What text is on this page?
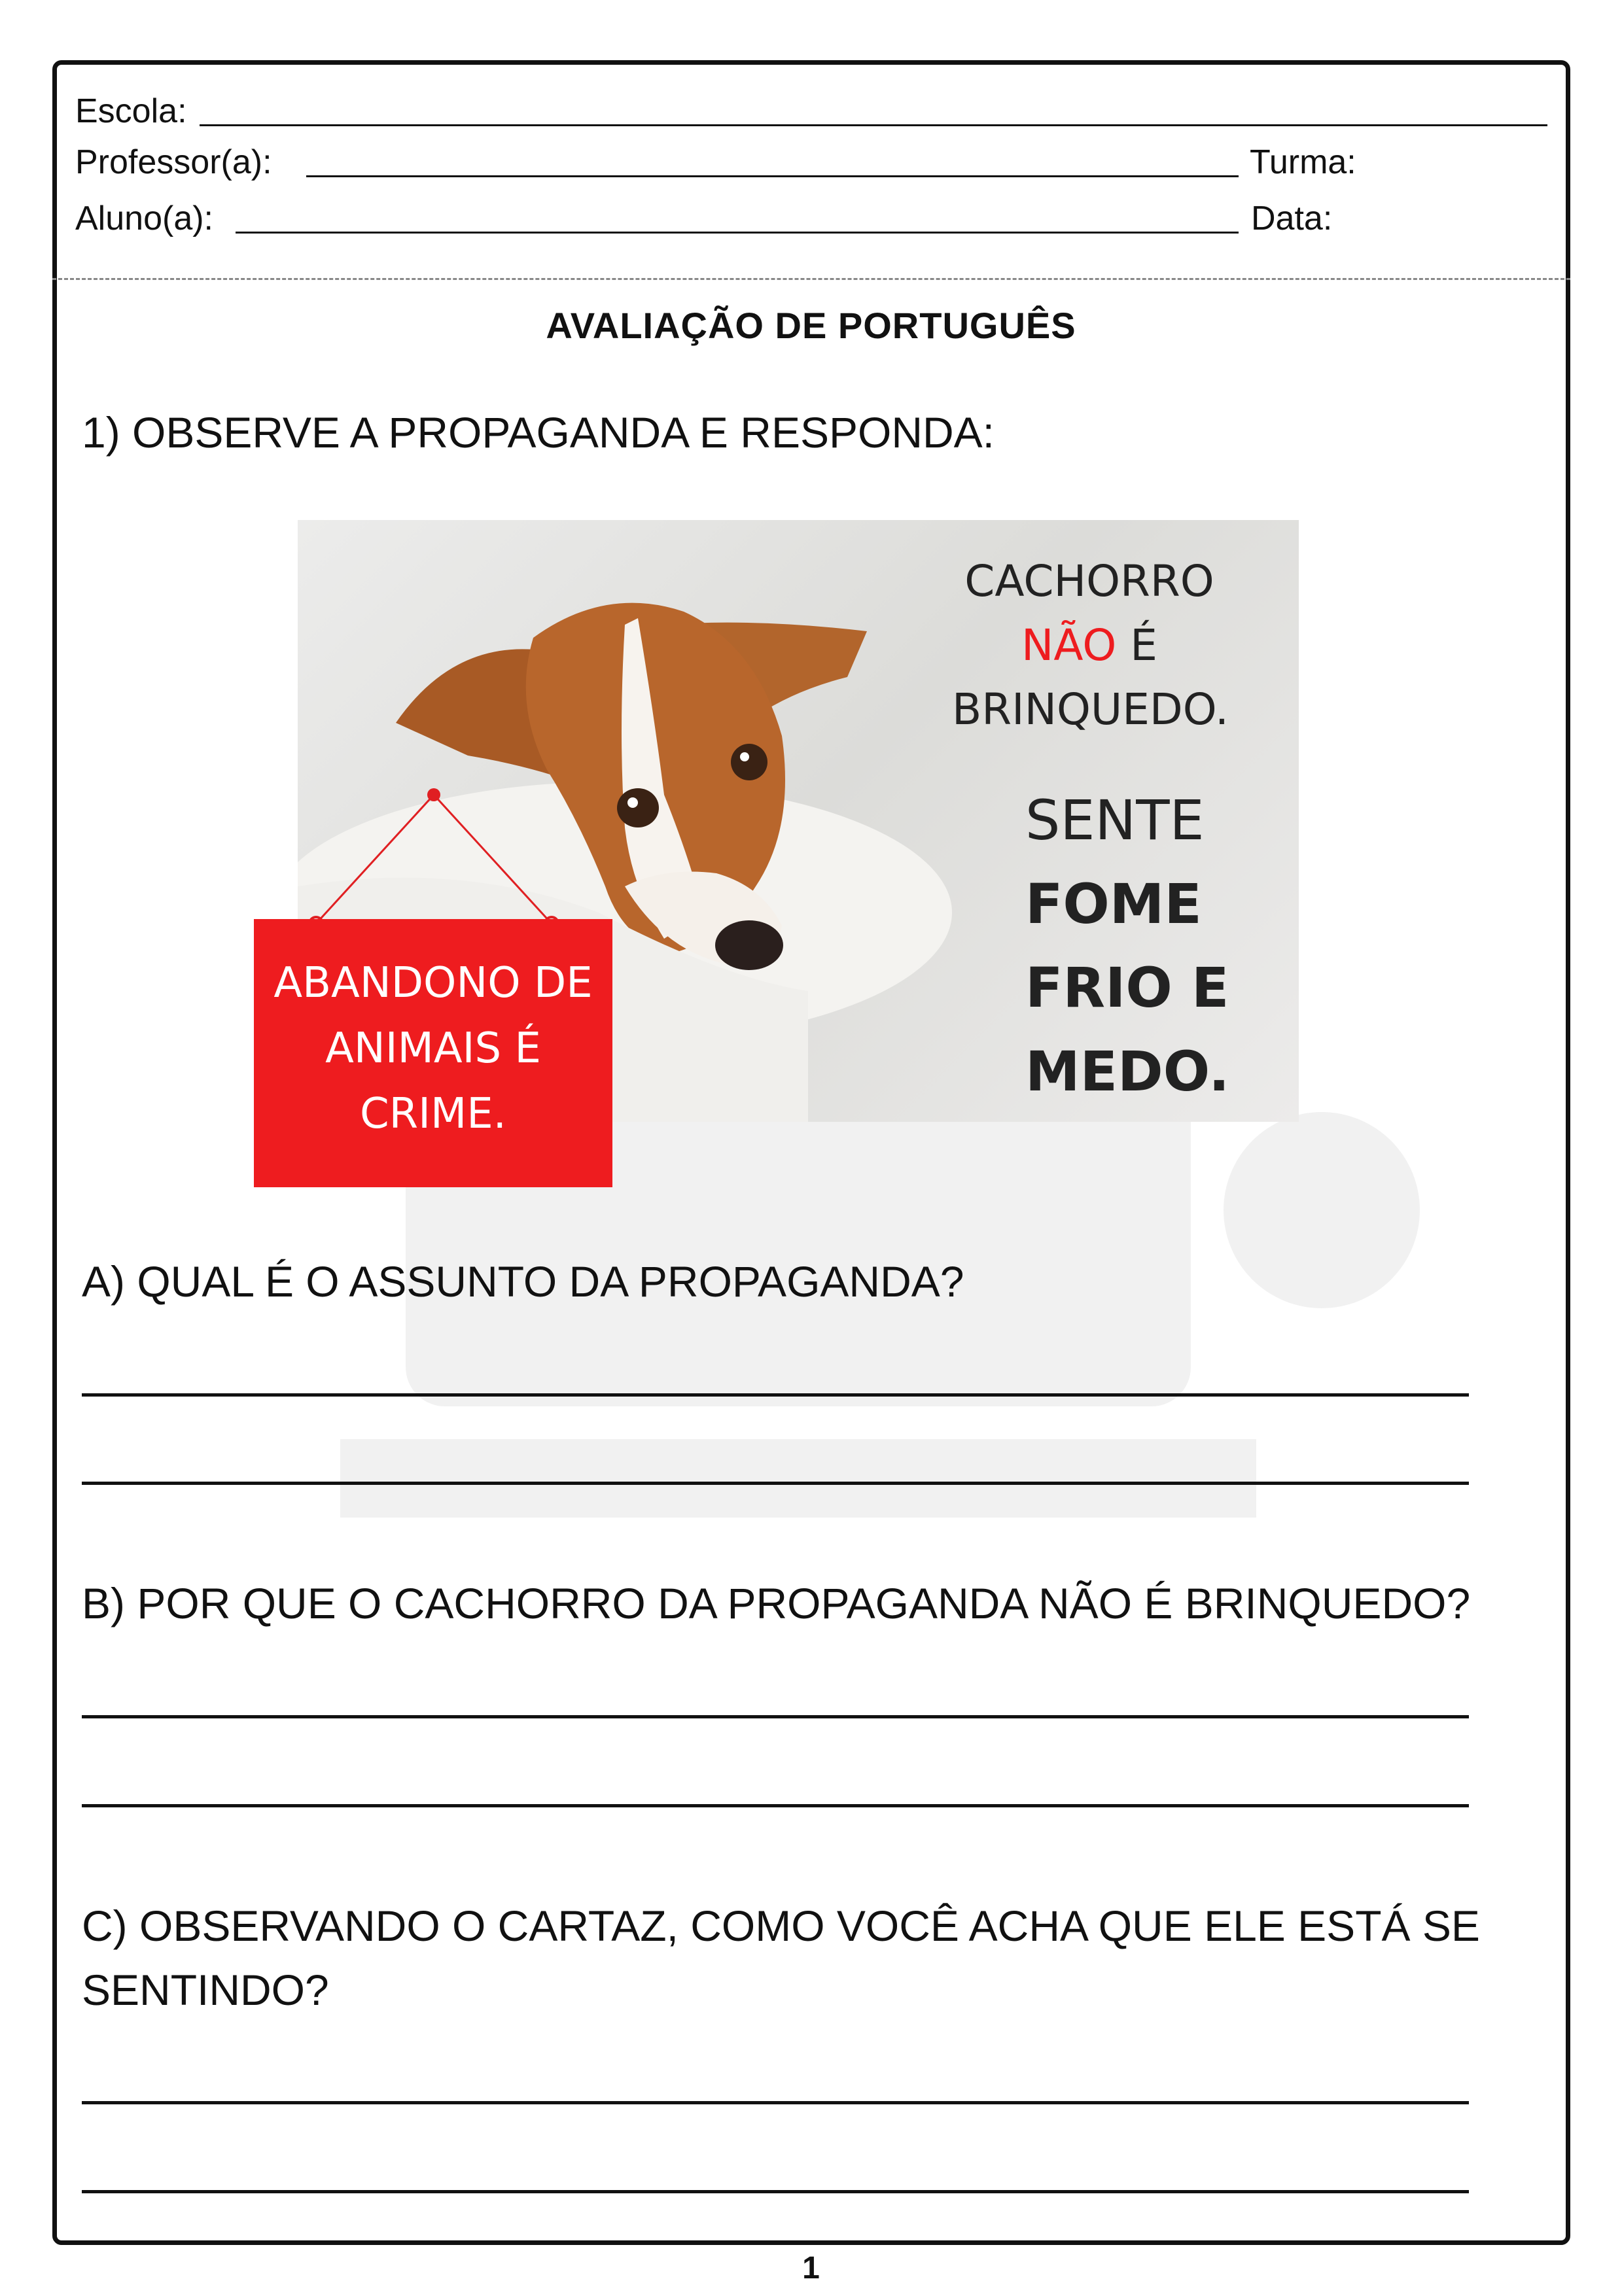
Escola:
Professor(a):	Turma:
Aluno(a):	Data:
AVALIAÇÃO DE PORTUGUÊS
1) OBSERVE A PROPAGANDA E RESPONDA:
CACHORRO
NÃO É
BRINQUEDO.
SENTE
FOME
FRIO E
MEDO.
ABANDONO DE
ANIMAIS É
CRIME.
A) QUAL É O ASSUNTO DA PROPAGANDA?
B) POR QUE O CACHORRO DA PROPAGANDA NÃO É BRINQUEDO?
C) OBSERVANDO O CARTAZ, COMO VOCÊ ACHA QUE ELE ESTÁ SE
SENTINDO?
1
